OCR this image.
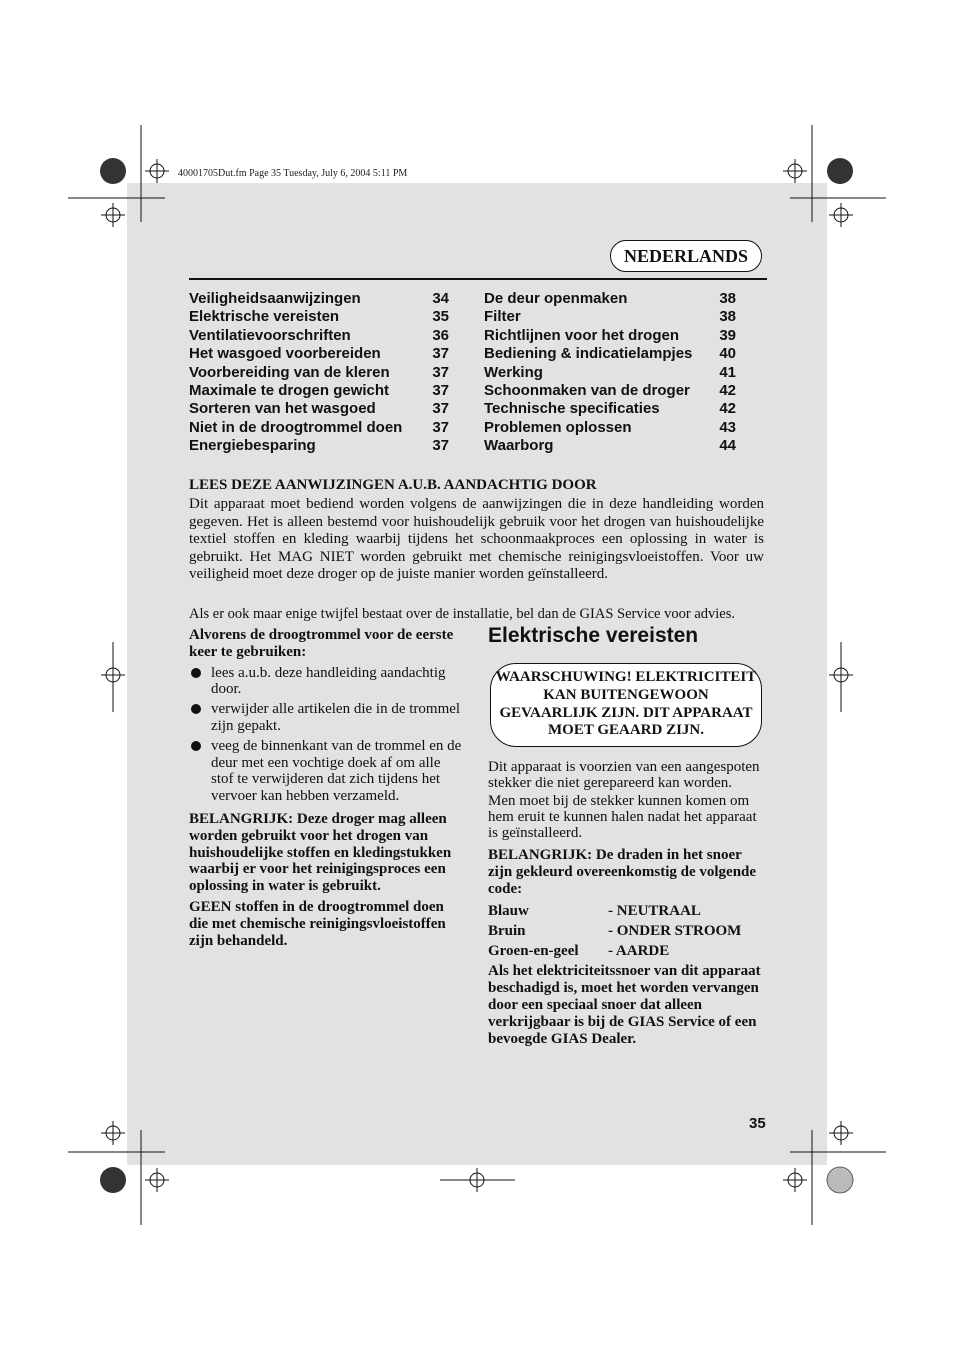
40001705Dut.fm Page 35 Tuesday, July 6, 2004 5:11 PM
NEDERLANDS
Veiligheidsaanwijzingen	34
Elektrische vereisten	35
Ventilatievoorschriften	36
Het wasgoed voorbereiden	37
Voorbereiding van de kleren	37
Maximale te drogen gewicht	37
Sorteren van het wasgoed	37
Niet in de droogtrommel doen	37
Energiebesparing	37
De deur openmaken	38
Filter	38
Richtlijnen voor het drogen	39
Bediening & indicatielampjes	40
Werking	41
Schoonmaken van de droger	42
Technische specificaties	42
Problemen oplossen	43
Waarborg	44
LEES DEZE AANWIJZINGEN A.U.B. AANDACHTIG DOOR
Dit apparaat moet bediend worden volgens de aanwijzingen die in deze handleiding worden gegeven. Het is alleen bestemd voor huishoudelijk gebruik voor het drogen van huishoudelijke textiel stoffen en kleding waarbij tijdens het schoonmaakproces een oplossing in water is gebruikt. Het MAG NIET worden gebruikt met chemische reinigingsvloeistoffen. Voor uw veiligheid moet deze droger op de juiste manier worden geïnstalleerd.
Als er ook maar enige twijfel bestaat over de installatie, bel dan de GIAS Service voor advies.
Alvorens de droogtrommel voor de eerste keer te gebruiken:
lees a.u.b. deze handleiding aandachtig door.
verwijder alle artikelen die in de trommel zijn gepakt.
veeg de binnenkant van de trommel en de deur met een vochtige doek af om alle stof te verwijderen dat zich tijdens het vervoer kan hebben verzameld.

BELANGRIJK: Deze droger mag alleen worden gebruikt voor het drogen van huishoudelijke stoffen en kledingstukken waarbij er voor het reinigingsproces een oplossing in water is gebruikt.

GEEN stoffen in de droogtrommel doen die met chemische reinigingsvloeistoffen zijn behandeld.

Elektrische vereisten
WAARSCHUWING! ELEKTRICITEIT KAN BUITENGEWOON GEVAARLIJK ZIJN. DIT APPARAAT MOET GEAARD ZIJN.

Dit apparaat is voorzien van een aangespoten stekker die niet gerepareerd kan worden.

Men moet bij de stekker kunnen komen om hem eruit te kunnen halen nadat het apparaat is geïnstalleerd.

BELANGRIJK: De draden in het snoer zijn gekleurd overeenkomstig de volgende code:

Blauw	- NEUTRAAL
Bruin	- ONDER STROOM
Groen-en-geel	- AARDE

Als het elektriciteitssnoer van dit apparaat beschadigd is, moet het worden vervangen door een speciaal snoer dat alleen verkrijgbaar is bij de GIAS Service of een bevoegde GIAS Dealer.

35
